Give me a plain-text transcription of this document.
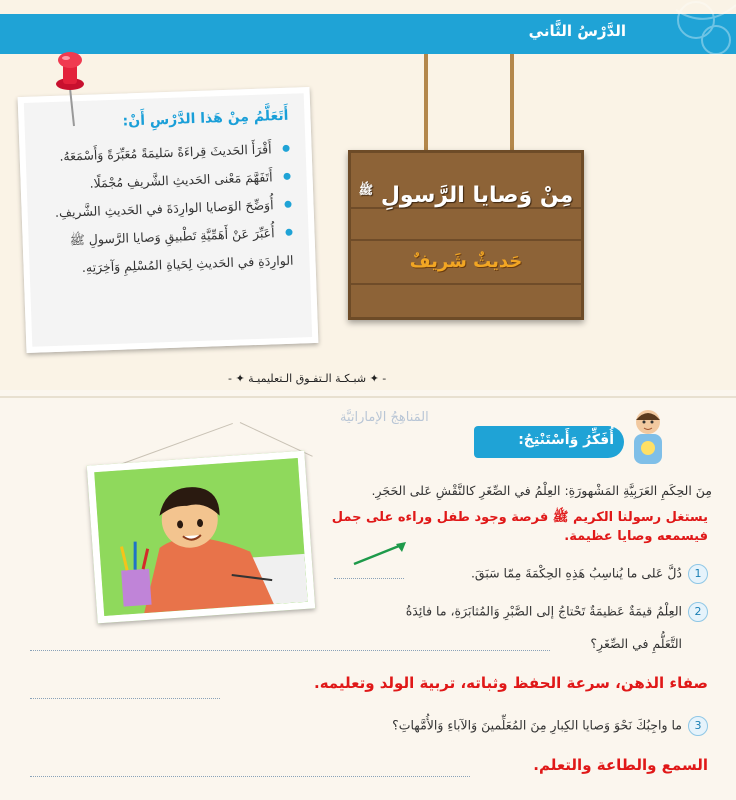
الدَّرْسُ الثَّاني
مِنْ وَصايا الرَّسولِ $^ﷺ$
حَديثٌ شَريفٌ
أَتَعَلَّمُ مِنْ هَذا الدَّرْسِ أَنْ:
أَقْرَأَ الحَديثَ قِراءَةً سَليمَةً مُعَبِّرَةً وَأَسْمَعَهُ.
أَتَفَهَّمَ مَعْنى الحَديثِ الشَّريفِ مُجْمَلًا.
أُوَضِّحَ الوَصايا الوارِدَةَ في الحَديثِ الشَّريفِ.
أُعَبِّرَ عَنْ أَهَمِّيَّةِ تَطْبيقِ وَصايا الرَّسولِ ﷺ
الوارِدَةِ في الحَديثِ لِحَياةِ المُسْلِمِ وَآخِرَتِهِ.
- ✦ شبـكـة الـتفـوق الـتعليميـة ✦ -
المَناهِجُ الإماراتيَّة
أُفَكِّرُ وَأَسْتَنْتِجُ:
مِنَ الحِكَمِ العَرَبِيَّةِ المَشْهورَةِ: العِلْمُ في الصِّغَرِ كالنَّقْشِ عَلى الحَجَرِ.
يستغل رسولنا الكريم ﷺ فرصة وجود طفل وراءه على جمل فيسمعه وصايا عظيمة.
1دُلَّ عَلى ما يُناسِبُ هَذِهِ الحِكْمَةَ مِمّا سَبَقَ.
2العِلْمُ قيمَةٌ عَظيمَةٌ تَحْتاجُ إلى الصَّبْرِ وَالمُثابَرَةِ، ما فائِدَةُ
التَّعَلُّمِ في الصِّغَرِ؟
صفاء الذهن، سرعة الحفظ وثباته، تربية الولد وتعليمه.
3ما واجِبُكَ نَحْوَ وَصايا الكِبارِ مِنَ المُعَلِّمينَ وَالآباءِ وَالأُمَّهاتِ؟
السمع والطاعة والتعلم.
